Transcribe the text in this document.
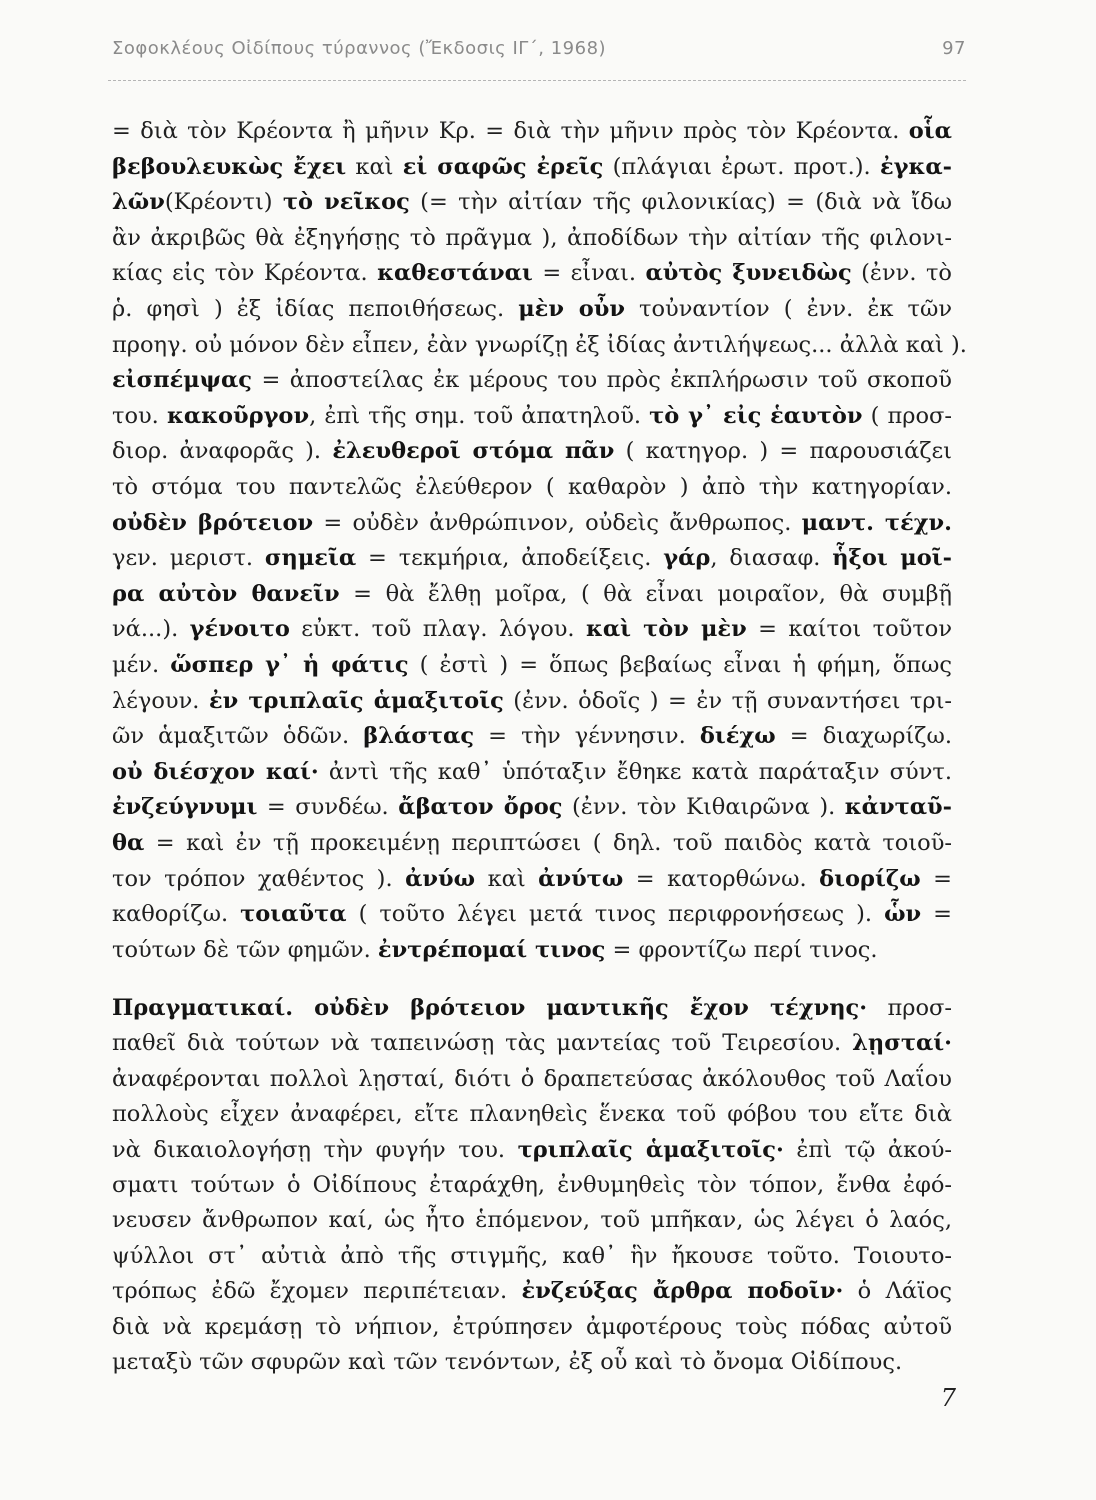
Σοφοκλέους Οἰδίπους τύραννος (Ἔκδοσις ΙΓ΄, 1968)	97
= διὰ τὸν Κρέοντα ἢ μῆνιν Κρ. = διὰ τὴν μῆνιν πρὸς τὸν Κρέοντα. οἷα
βεβουλευκὼς ἔχει καὶ εἰ σαφῶς ἐρεῖς (πλάγιαι ἐρωτ. προτ.). ἐγκα-
λῶν(Κρέοντι) τὸ νεῖκος (= τὴν αἰτίαν τῆς φιλονικίας) = (διὰ νὰ ἴδω
ἂν ἀκριβῶς θὰ ἐξηγήσῃς τὸ πρᾶγμα ), ἀποδίδων τὴν αἰτίαν τῆς φιλονι-
κίας εἰς τὸν Κρέοντα. καθεστάναι = εἶναι. αὐτὸς ξυνειδὼς (ἐνν. τὸ
ῥ. φησὶ ) ἐξ ἰδίας πεποιθήσεως. μὲν οὖν τοὐναντίον ( ἐνν. ἐκ τῶν
προηγ. οὐ μόνον δὲν εἶπεν, ἐὰν γνωρίζῃ ἐξ ἰδίας ἀντιλήψεως... ἀλλὰ καὶ ).
εἰσπέμψας = ἀποστείλας ἐκ μέρους του πρὸς ἐκπλήρωσιν τοῦ σκοποῦ
του. κακοῦργον, ἐπὶ τῆς σημ. τοῦ ἀπατηλοῦ. τὸ γ᾽ εἰς ἑαυτὸν ( προσ-
διορ. ἀναφορᾶς ). ἐλευθεροῖ στόμα πᾶν ( κατηγορ. ) = παρουσιάζει
τὸ στόμα του παντελῶς ἐλεύθερον ( καθαρὸν ) ἀπὸ τὴν κατηγορίαν.
οὐδὲν βρότειον = οὐδὲν ἀνθρώπινον, οὐδεὶς ἄνθρωπος. μαντ. τέχν.
γεν. μεριστ. σημεῖα = τεκμήρια, ἀποδείξεις. γάρ, διασαφ. ἧξοι μοῖ-
ρα αὐτὸν θανεῖν = θὰ ἔλθῃ μοῖρα, ( θὰ εἶναι μοιραῖον, θὰ συμβῇ
νά...). γένοιτο εὐκτ. τοῦ πλαγ. λόγου. καὶ τὸν μὲν = καίτοι τοῦτον
μέν. ὥσπερ γ᾽ ἡ φάτις ( ἐστὶ ) = ὅπως βεβαίως εἶναι ἡ φήμη, ὅπως
λέγουν. ἐν τριπλαῖς ἁμαξιτοῖς (ἐνν. ὁδοῖς ) = ἐν τῇ συναντήσει τρι-
ῶν ἁμαξιτῶν ὁδῶν. βλάστας = τὴν γέννησιν. διέχω = διαχωρίζω.
οὐ διέσχον καί· ἀντὶ τῆς καθ᾽ ὑπόταξιν ἔθηκε κατὰ παράταξιν σύντ.
ἐνζεύγνυμι = συνδέω. ἄβατον ὄρος (ἐνν. τὸν Κιθαιρῶνα ). κἀνταῦ-
θα = καὶ ἐν τῇ προκειμένῃ περιπτώσει ( δηλ. τοῦ παιδὸς κατὰ τοιοῦ-
τον τρόπον χαθέντος ). ἀνύω καὶ ἀνύτω = κατορθώνω. διορίζω =
καθορίζω. τοιαῦτα ( τοῦτο λέγει μετά τινος περιφρονήσεως ). ὧν =
τούτων δὲ τῶν φημῶν. ἐντρέπομαί τινος = φροντίζω περί τινος.
Πραγματικαί. οὐδὲν βρότειον μαντικῆς ἔχον τέχνης· προσ-
παθεῖ διὰ τούτων νὰ ταπεινώσῃ τὰς μαντείας τοῦ Τειρεσίου. λῃσταί·
ἀναφέρονται πολλοὶ λῃσταί, διότι ὁ δραπετεύσας ἀκόλουθος τοῦ Λαΐου
πολλοὺς εἶχεν ἀναφέρει, εἴτε πλανηθεὶς ἕνεκα τοῦ φόβου του εἴτε διὰ
νὰ δικαιολογήσῃ τὴν φυγήν του. τριπλαῖς ἁμαξιτοῖς· ἐπὶ τῷ ἀκού-
σματι τούτων ὁ Οἰδίπους ἐταράχθη, ἐνθυμηθεὶς τὸν τόπον, ἔνθα ἐφό-
νευσεν ἄνθρωπον καί, ὡς ἦτο ἑπόμενον, τοῦ μπῆκαν, ὡς λέγει ὁ λαός,
ψύλλοι στ᾽ αὐτιὰ ἀπὸ τῆς στιγμῆς, καθ᾽ ἣν ἤκουσε τοῦτο. Τοιουτο-
τρόπως ἐδῶ ἔχομεν περιπέτειαν. ἐνζεύξας ἄρθρα ποδοῖν· ὁ Λάϊος
διὰ νὰ κρεμάσῃ τὸ νήπιον, ἐτρύπησεν ἀμφοτέρους τοὺς πόδας αὐτοῦ
μεταξὺ τῶν σφυρῶν καὶ τῶν τενόντων, ἐξ οὗ καὶ τὸ ὄνομα Οἰδίπους.
7
